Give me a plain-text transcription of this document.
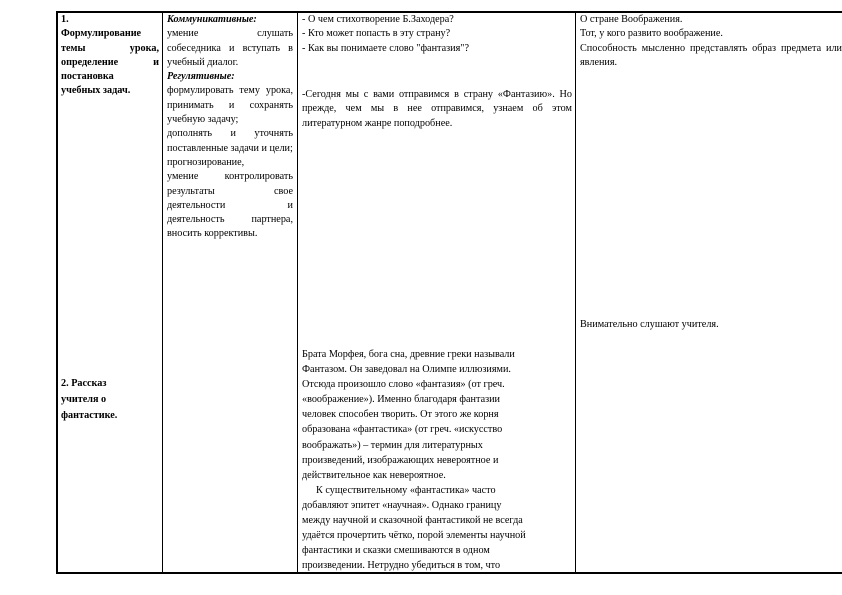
1.
Формулирование
темы урока,
определение и
постановка
учебных задач.
2. Рассказ
учителя о
фантастике.
Коммуникативные:
умение слушать собеседника и вступать в учебный диалог.
Регулятивные:
формулировать тему урока, принимать и сохранять учебную задачу;
дополнять и уточнять поставленные задачи и цели;
прогнозирование,
умение контролировать результаты свое деятельности и деятельность партнера, вносить коррективы.
- О чем стихотворение Б.Заходера?
- Кто может попасть в эту страну?
- Как вы понимаете слово "фантазия"?
-Сегодня мы с вами отправимся в страну «Фантазию». Но прежде, чем мы в нее отправимся, узнаем об этом литературном жанре поподробнее.
Брата Морфея, бога сна, древние греки называли
Фантазом. Он заведовал на Олимпе иллюзиями.
Отсюда произошло слово «фантазия» (от греч.
«воображение»). Именно благодаря фантазии
человек способен творить. От этого же корня
образована «фантастика» (от греч. «искусство
воображать») – термин для литературных
произведений, изображающих невероятное и
действительное как невероятное.
К существительному «фантастика» часто
добавляют эпитет «научная». Однако границу
между научной и сказочной фантастикой не всегда
удаётся прочертить чётко, порой элементы научной
фантастики и сказки смешиваются в одном
произведении. Нетрудно убедиться в том, что
О стране Воображения.
Тот, у кого развито воображение.
Способность мысленно представлять образ предмета или явления.
Внимательно слушают учителя.
